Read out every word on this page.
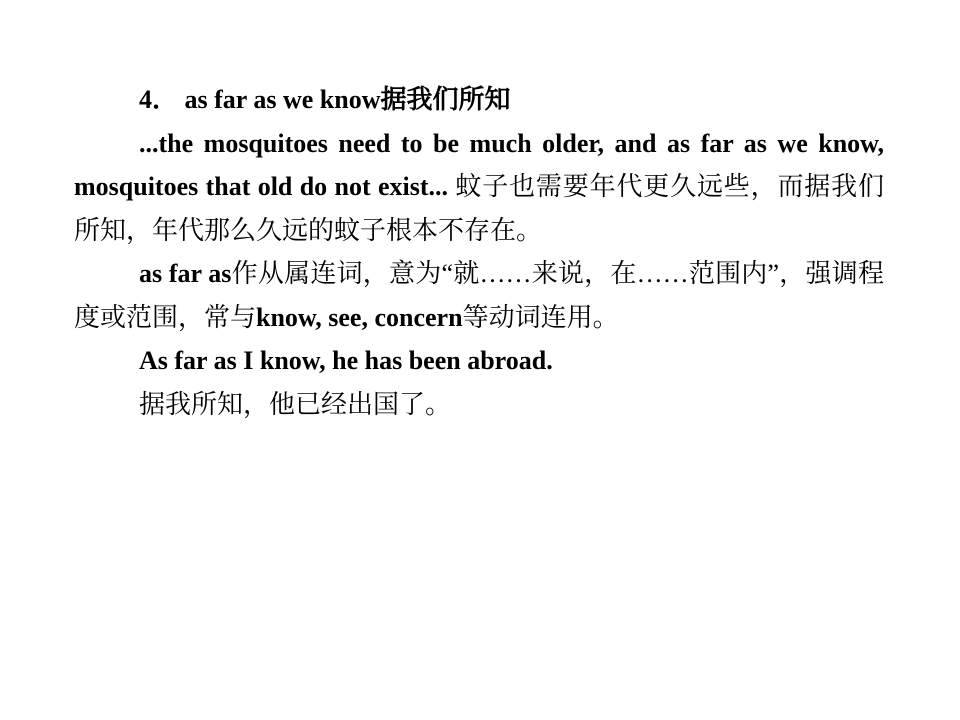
4． as far as we know据我们所知

...the mosquitoes need to be much older, and as far as we know, mosquitoes that old do not exist... 蚊子也需要年代更久远些，而据我们所知，年代那么久远的蚊子根本不存在。

as far as作从属连词，意为“就……来说，在……范围内”，强调程度或范围，常与know, see, concern等动词连用。

As far as I know, he has been abroad.

据我所知，他已经出国了。
